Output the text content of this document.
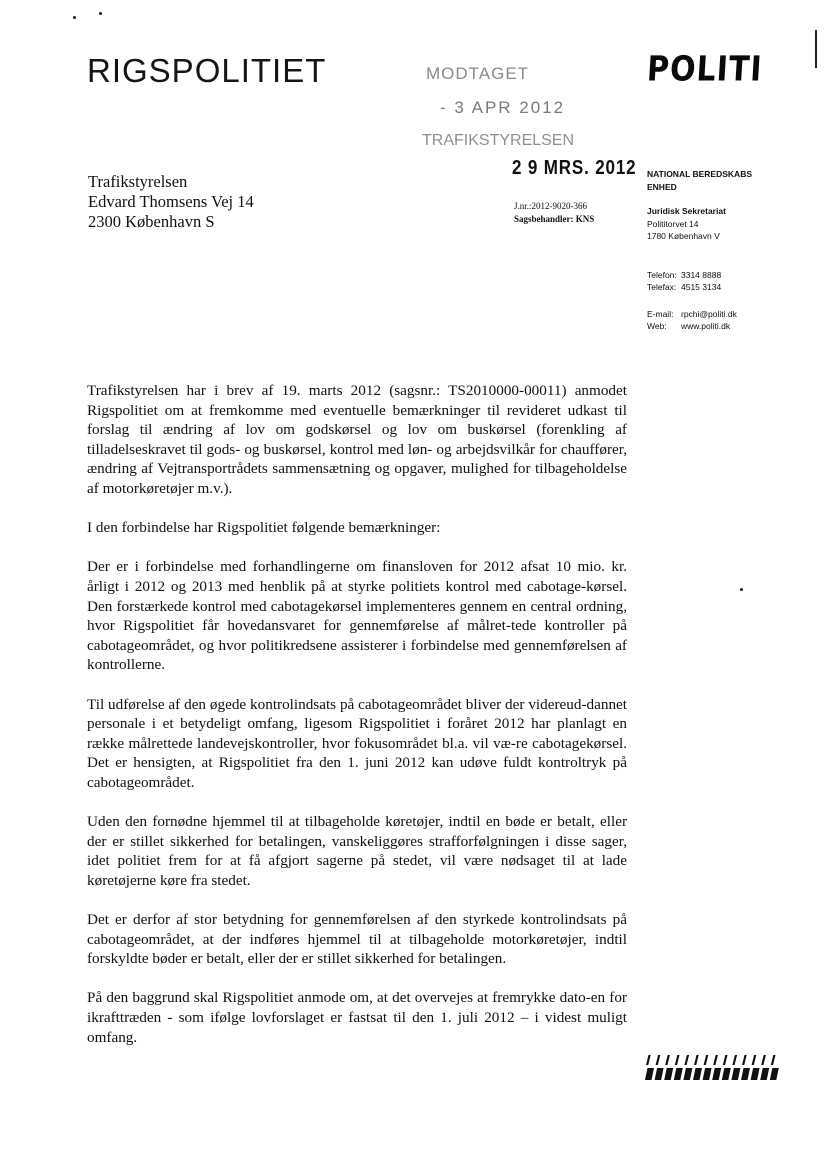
RIGSPOLITIET	POLITI
MODTAGET
- 3 APR 2012
TRAFIKSTYRELSEN
2 9 MRS. 2012
Trafikstyrelsen
Edvard Thomsens Vej 14
2300 København S
J.nr.:2012-9020-366
Sagsbehandler: KNS
NATIONAL BEREDSKABS
ENHED
Juridisk Sekretariat
Polititorvet 14
1780 København V
Telefon: 3314 8888
Telefax: 4515 3134
E-mail: rpchi@politi.dk
Web:	www.politi.dk

Trafikstyrelsen har i brev af 19. marts 2012 (sagsnr.: TS2010000-00011) anmodet Rigspolitiet om at fremkomme med eventuelle bemærkninger til revideret udkast til forslag til ændring af lov om godskørsel og lov om buskørsel (forenkling af tilladelseskravet til gods- og buskørsel, kontrol med løn- og arbejdsvilkår for chauffører, ændring af Vejtransportrådets sammensætning og opgaver, mulighed for tilbageholdelse af motorkøretøjer m.v.).

I den forbindelse har Rigspolitiet følgende bemærkninger:

Der er i forbindelse med forhandlingerne om finansloven for 2012 afsat 10 mio. kr. årligt i 2012 og 2013 med henblik på at styrke politiets kontrol med cabotage-kørsel. Den forstærkede kontrol med cabotagekørsel implementeres gennem en central ordning, hvor Rigspolitiet får hovedansvaret for gennemførelse af målret-tede kontroller på cabotageområdet, og hvor politikredsene assisterer i forbindelse med gennemførelsen af kontrollerne.

Til udførelse af den øgede kontrolindsats på cabotageområdet bliver der videreud-dannet personale i et betydeligt omfang, ligesom Rigspolitiet i foråret 2012 har planlagt en række målrettede landevejskontroller, hvor fokusområdet bl.a. vil væ-re cabotagekørsel. Det er hensigten, at Rigspolitiet fra den 1. juni 2012 kan udøve fuldt kontroltryk på cabotageområdet.

Uden den fornødne hjemmel til at tilbageholde køretøjer, indtil en bøde er betalt, eller der er stillet sikkerhed for betalingen, vanskeliggøres strafforfølgningen i disse sager, idet politiet frem for at få afgjort sagerne på stedet, vil være nødsaget til at lade køretøjerne køre fra stedet.

Det er derfor af stor betydning for gennemførelsen af den styrkede kontrolindsats på cabotageområdet, at der indføres hjemmel til at tilbageholde motorkøretøjer, indtil forskyldte bøder er betalt, eller der er stillet sikkerhed for betalingen.

På den baggrund skal Rigspolitiet anmode om, at det overvejes at fremrykke dato-en for ikrafttræden - som ifølge lovforslaget er fastsat til den 1. juli 2012 – i videst muligt omfang.
